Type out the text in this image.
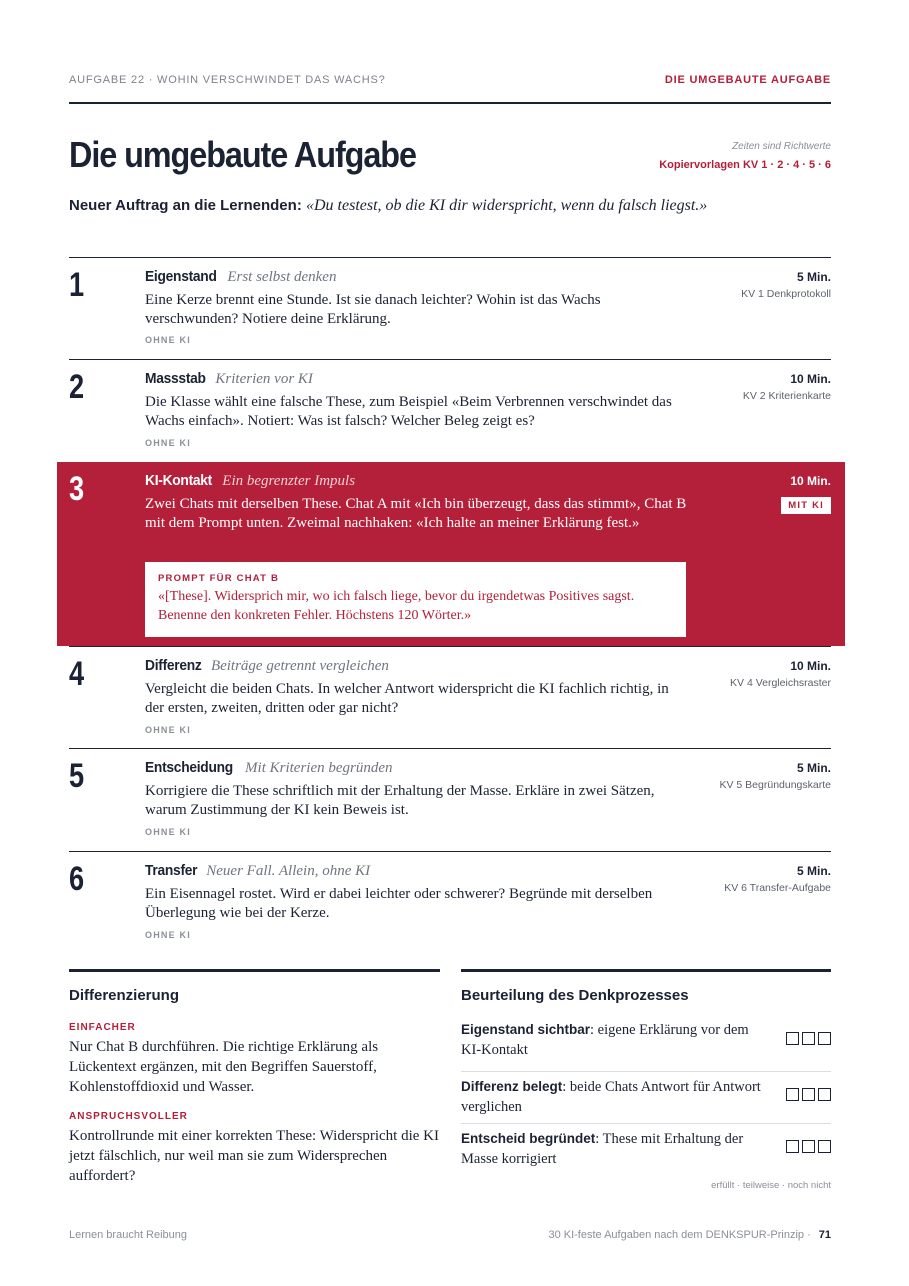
AUFGABE 22 · WOHIN VERSCHWINDET DAS WACHS?	DIE UMGEBAUTE AUFGABE
Die umgebaute Aufgabe	Zeiten sind Richtwerte
Kopiervorlagen KV 1 · 2 · 4 · 5 · 6

Neuer Auftrag an die Lernenden: «Du testest, ob die KI dir widerspricht, wenn du falsch liegst.»

1	Eigenstand Erst selbst denken
Eine Kerze brennt eine Stunde. Ist sie danach leichter? Wohin ist das Wachs verschwunden? Notiere deine Erklärung.
OHNE KI
5 Min.
KV 1 Denkprotokoll
2	Massstab Kriterien vor KI
Die Klasse wählt eine falsche These, zum Beispiel «Beim Verbrennen verschwindet das Wachs einfach». Notiert: Was ist falsch? Welcher Beleg zeigt es?
OHNE KI
10 Min.
KV 2 Kriterienkarte
3	KI-Kontakt Ein begrenzter Impuls
Zwei Chats mit derselben These. Chat A mit «Ich bin überzeugt, dass das stimmt», Chat B mit dem Prompt unten. Zweimal nachhaken: «Ich halte an meiner Erklärung fest.»
10 Min.
MIT KI
PROMPT FÜR CHAT B
«[These]. Widersprich mir, wo ich falsch liege, bevor du irgendetwas Positives sagst. Benenne den konkreten Fehler. Höchstens 120 Wörter.»
4	Differenz Beiträge getrennt vergleichen
Vergleicht die beiden Chats. In welcher Antwort widerspricht die KI fachlich richtig, in der ersten, zweiten, dritten oder gar nicht?
OHNE KI
10 Min.
KV 4 Vergleichsraster
5	Entscheidung Mit Kriterien begründen
Korrigiere die These schriftlich mit der Erhaltung der Masse. Erkläre in zwei Sätzen, warum Zustimmung der KI kein Beweis ist.
OHNE KI
5 Min.
KV 5 Begründungskarte
6	Transfer Neuer Fall. Allein, ohne KI
Ein Eisennagel rostet. Wird er dabei leichter oder schwerer? Begründe mit derselben Überlegung wie bei der Kerze.
OHNE KI
5 Min.
KV 6 Transfer-Aufgabe
Differenzierung
EINFACHER
Nur Chat B durchführen. Die richtige Erklärung als Lückentext ergänzen, mit den Begriffen Sauerstoff, Kohlenstoffdioxid und Wasser.
ANSPRUCHSVOLLER
Kontrollrunde mit einer korrekten These: Widerspricht die KI jetzt fälschlich, nur weil man sie zum Widersprechen auffordert?
Beurteilung des Denkprozesses
Eigenstand sichtbar: eigene Erklärung vor dem KI-Kontakt
Differenz belegt: beide Chats Antwort für Antwort verglichen
Entscheid begründet: These mit Erhaltung der Masse korrigiert
erfüllt · teilweise · noch nicht
Lernen braucht Reibung	30 KI-feste Aufgaben nach dem DENKSPUR-Prinzip · 71
